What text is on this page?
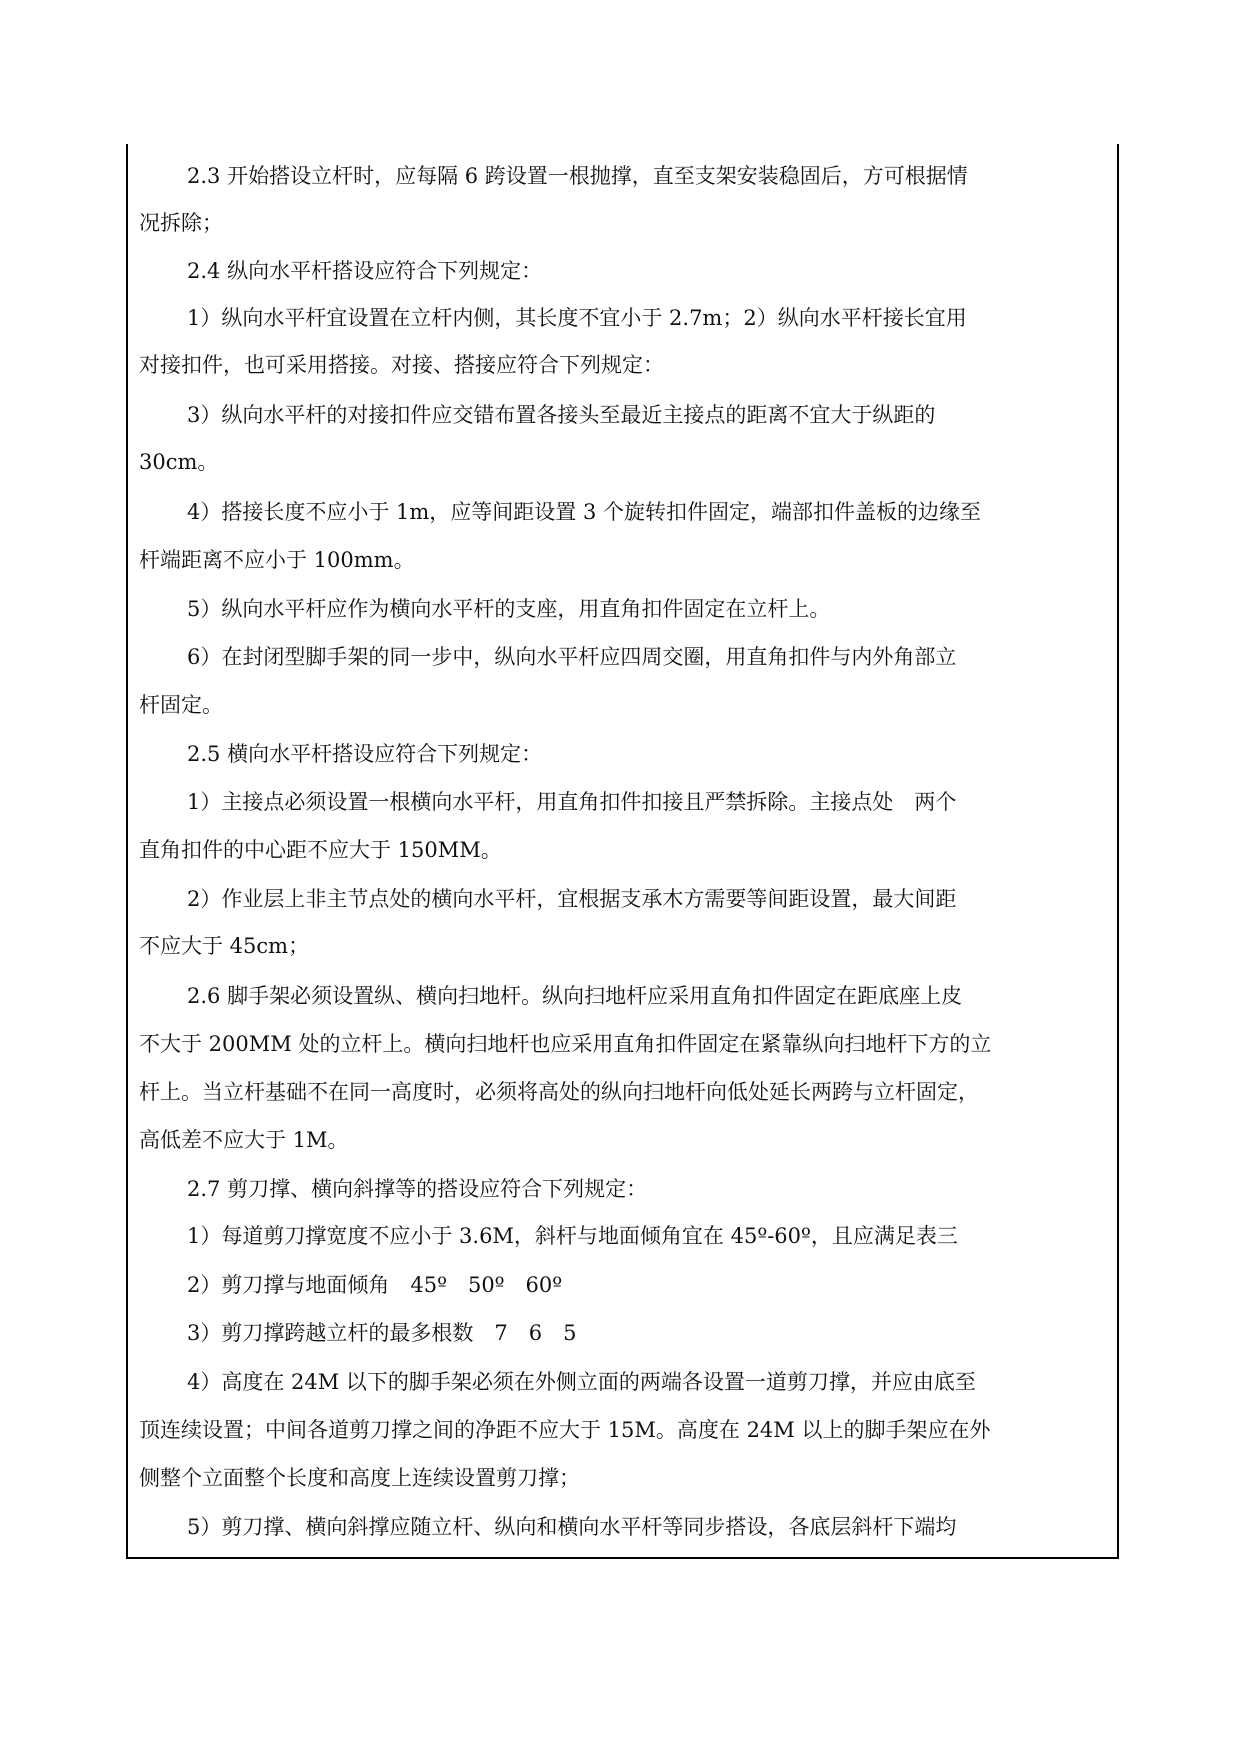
2.3 开始搭设立杆时，应每隔 6 跨设置一根抛撑，直至支架安装稳固后，方可根据情
况拆除；
2.4 纵向水平杆搭设应符合下列规定：
1）纵向水平杆宜设置在立杆内侧，其长度不宜小于 2.7m；2）纵向水平杆接长宜用
对接扣件，也可采用搭接。对接、搭接应符合下列规定：
3）纵向水平杆的对接扣件应交错布置各接头至最近主接点的距离不宜大于纵距的
30cm。
4）搭接长度不应小于 1m，应等间距设置 3 个旋转扣件固定，端部扣件盖板的边缘至
杆端距离不应小于 100mm。
5）纵向水平杆应作为横向水平杆的支座，用直角扣件固定在立杆上。
6）在封闭型脚手架的同一步中，纵向水平杆应四周交圈，用直角扣件与内外角部立
杆固定。
2.5 横向水平杆搭设应符合下列规定：
1）主接点必须设置一根横向水平杆，用直角扣件扣接且严禁拆除。主接点处　两个
直角扣件的中心距不应大于 150MM。
2）作业层上非主节点处的横向水平杆，宜根据支承木方需要等间距设置，最大间距
不应大于 45cm；
2.6 脚手架必须设置纵、横向扫地杆。纵向扫地杆应采用直角扣件固定在距底座上皮
不大于 200MM 处的立杆上。横向扫地杆也应采用直角扣件固定在紧靠纵向扫地杆下方的立
杆上。当立杆基础不在同一高度时，必须将高处的纵向扫地杆向低处延长两跨与立杆固定，
高低差不应大于 1M。
2.7 剪刀撑、横向斜撑等的搭设应符合下列规定：
1）每道剪刀撑宽度不应小于 3.6M，斜杆与地面倾角宜在 45º-60º，且应满足表三
2）剪刀撑与地面倾角　45º　50º　60º
3）剪刀撑跨越立杆的最多根数　7　6　5
4）高度在 24M 以下的脚手架必须在外侧立面的两端各设置一道剪刀撑，并应由底至
顶连续设置；中间各道剪刀撑之间的净距不应大于 15M。高度在 24M 以上的脚手架应在外
侧整个立面整个长度和高度上连续设置剪刀撑；
5）剪刀撑、横向斜撑应随立杆、纵向和横向水平杆等同步搭设，各底层斜杆下端均
